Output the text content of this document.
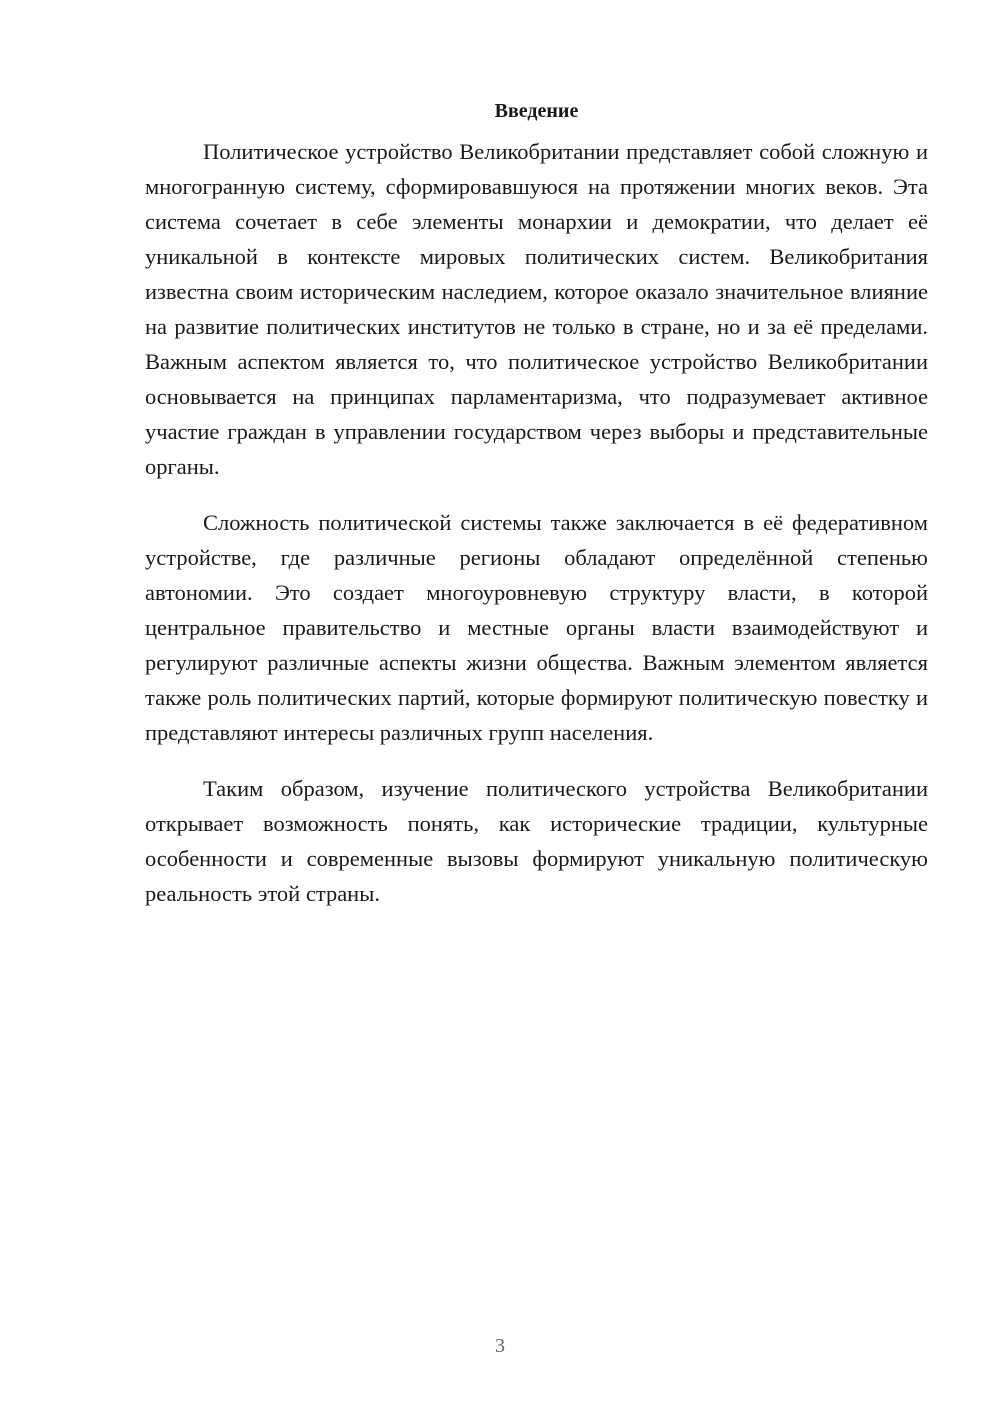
Введение

Политическое устройство Великобритании представляет собой сложную и многогранную систему, сформировавшуюся на протяжении многих веков. Эта система сочетает в себе элементы монархии и демократии, что делает её уникальной в контексте мировых политических систем. Великобритания известна своим историческим наследием, которое оказало значительное влияние на развитие политических институтов не только в стране, но и за её пределами. Важным аспектом является то, что политическое устройство Великобритании основывается на принципах парламентаризма, что подразумевает активное участие граждан в управлении государством через выборы и представительные органы.

Сложность политической системы также заключается в её федеративном устройстве, где различные регионы обладают определённой степенью автономии. Это создает многоуровневую структуру власти, в которой центральное правительство и местные органы власти взаимодействуют и регулируют различные аспекты жизни общества. Важным элементом является также роль политических партий, которые формируют политическую повестку и представляют интересы различных групп населения.

Таким образом, изучение политического устройства Великобритании открывает возможность понять, как исторические традиции, культурные особенности и современные вызовы формируют уникальную политическую реальность этой страны.

3
